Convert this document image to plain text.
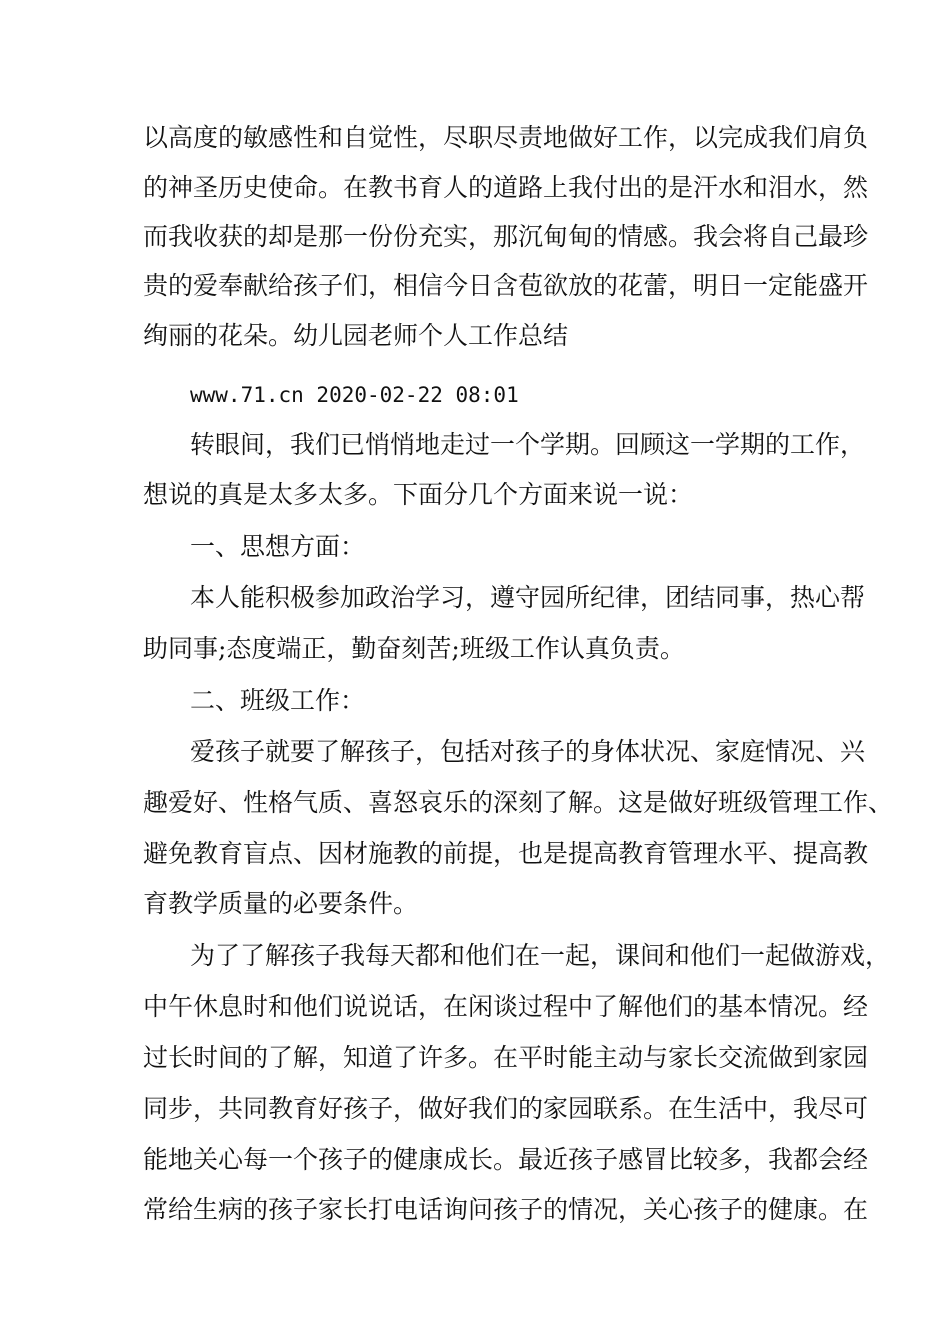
以高度的敏感性和自觉性，尽职尽责地做好工作，以完成我们肩负
的神圣历史使命。在教书育人的道路上我付出的是汗水和泪水，然
而我收获的却是那一份份充实，那沉甸甸的情感。我会将自己最珍
贵的爱奉献给孩子们，相信今日含苞欲放的花蕾，明日一定能盛开
绚丽的花朵。幼儿园老师个人工作总结
www.71.cn 2020-02-22 08:01
转眼间，我们已悄悄地走过一个学期。回顾这一学期的工作，
想说的真是太多太多。下面分几个方面来说一说：
一、思想方面：
本人能积极参加政治学习，遵守园所纪律，团结同事，热心帮
助同事;态度端正，勤奋刻苦;班级工作认真负责。
二、班级工作：
爱孩子就要了解孩子，包括对孩子的身体状况、家庭情况、兴
趣爱好、性格气质、喜怒哀乐的深刻了解。这是做好班级管理工作、
避免教育盲点、因材施教的前提，也是提高教育管理水平、提高教
育教学质量的必要条件。
为了了解孩子我每天都和他们在一起，课间和他们一起做游戏，
中午休息时和他们说说话，在闲谈过程中了解他们的基本情况。经
过长时间的了解，知道了许多。在平时能主动与家长交流做到家园
同步，共同教育好孩子，做好我们的家园联系。在生活中，我尽可
能地关心每一个孩子的健康成长。最近孩子感冒比较多，我都会经
常给生病的孩子家长打电话询问孩子的情况，关心孩子的健康。在
